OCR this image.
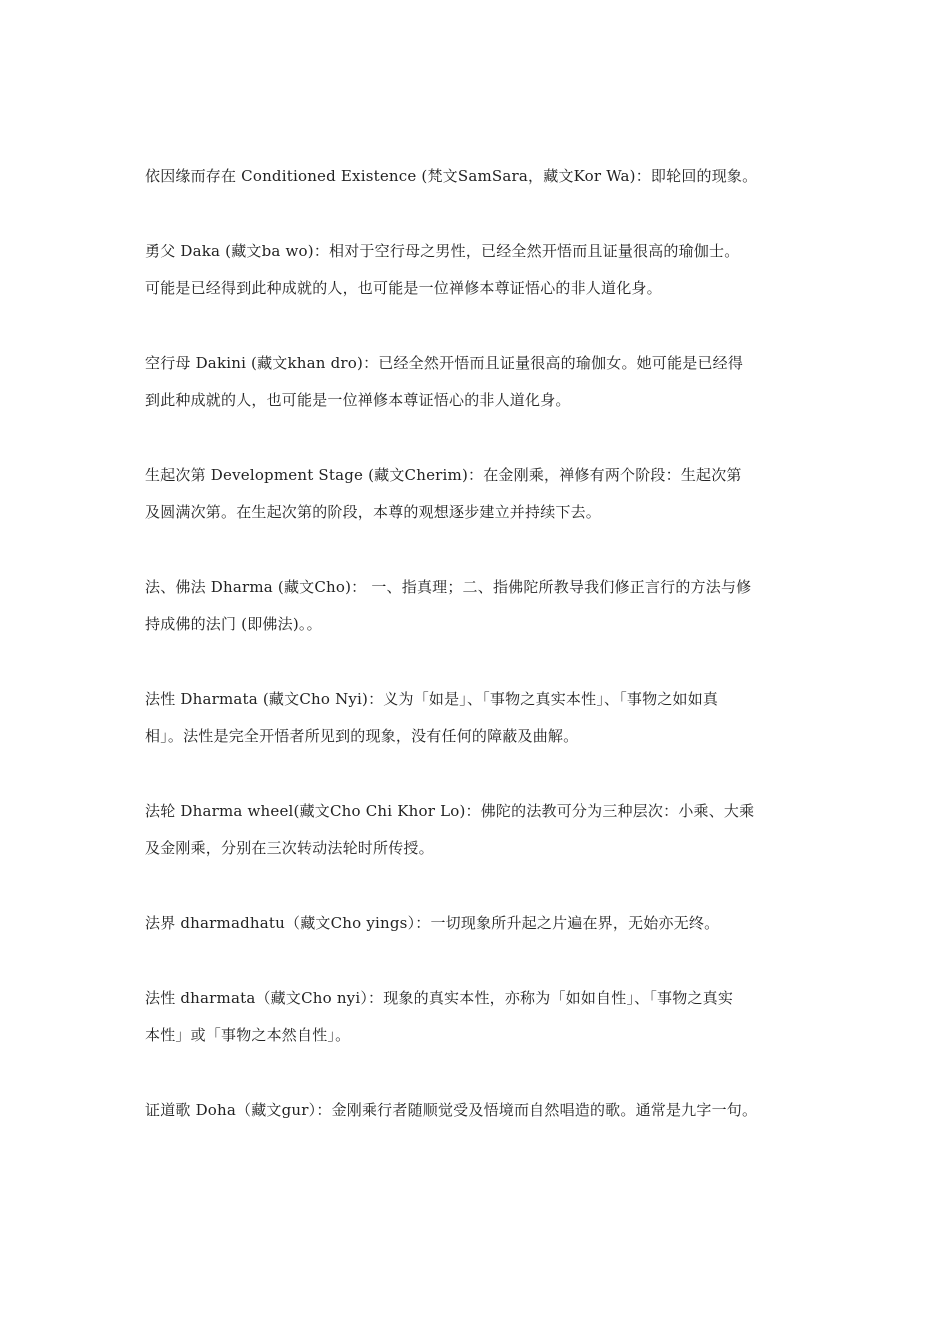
依因缘而存在 Conditioned Existence (梵文SamSara，藏文Kor Wa)：即轮回的现象。
勇父 Daka (藏文ba wo)：相对于空行母之男性，已经全然开悟而且证量很高的瑜伽士。
可能是已经得到此种成就的人，也可能是一位禅修本尊证悟心的非人道化身。
空行母 Dakini (藏文khan dro)：已经全然开悟而且证量很高的瑜伽女。她可能是已经得
到此种成就的人，也可能是一位禅修本尊证悟心的非人道化身。
生起次第 Development Stage (藏文Cherim)：在金刚乘，禅修有两个阶段：生起次第
及圆满次第。在生起次第的阶段，本尊的观想逐步建立并持续下去。
法、佛法 Dharma (藏文Cho)： 一、指真理；二、指佛陀所教导我们修正言行的方法与修
持成佛的法门 (即佛法)。。
法性 Dharmata (藏文Cho Nyi)：义为「如是」、「事物之真实本性」、「事物之如如真
相」。法性是完全开悟者所见到的现象，没有任何的障蔽及曲解。
法轮 Dharma wheel(藏文Cho Chi Khor Lo)：佛陀的法教可分为三种层次：小乘、大乘
及金刚乘，分别在三次转动法轮时所传授。
法界 dharmadhatu（藏文Cho yings）：一切现象所升起之片遍在界，无始亦无终。
法性 dharmata（藏文Cho nyi）：现象的真实本性，亦称为「如如自性」、「事物之真实
本性」或「事物之本然自性」。
证道歌 Doha（藏文gur）：金刚乘行者随顺觉受及悟境而自然唱造的歌。通常是九字一句。
